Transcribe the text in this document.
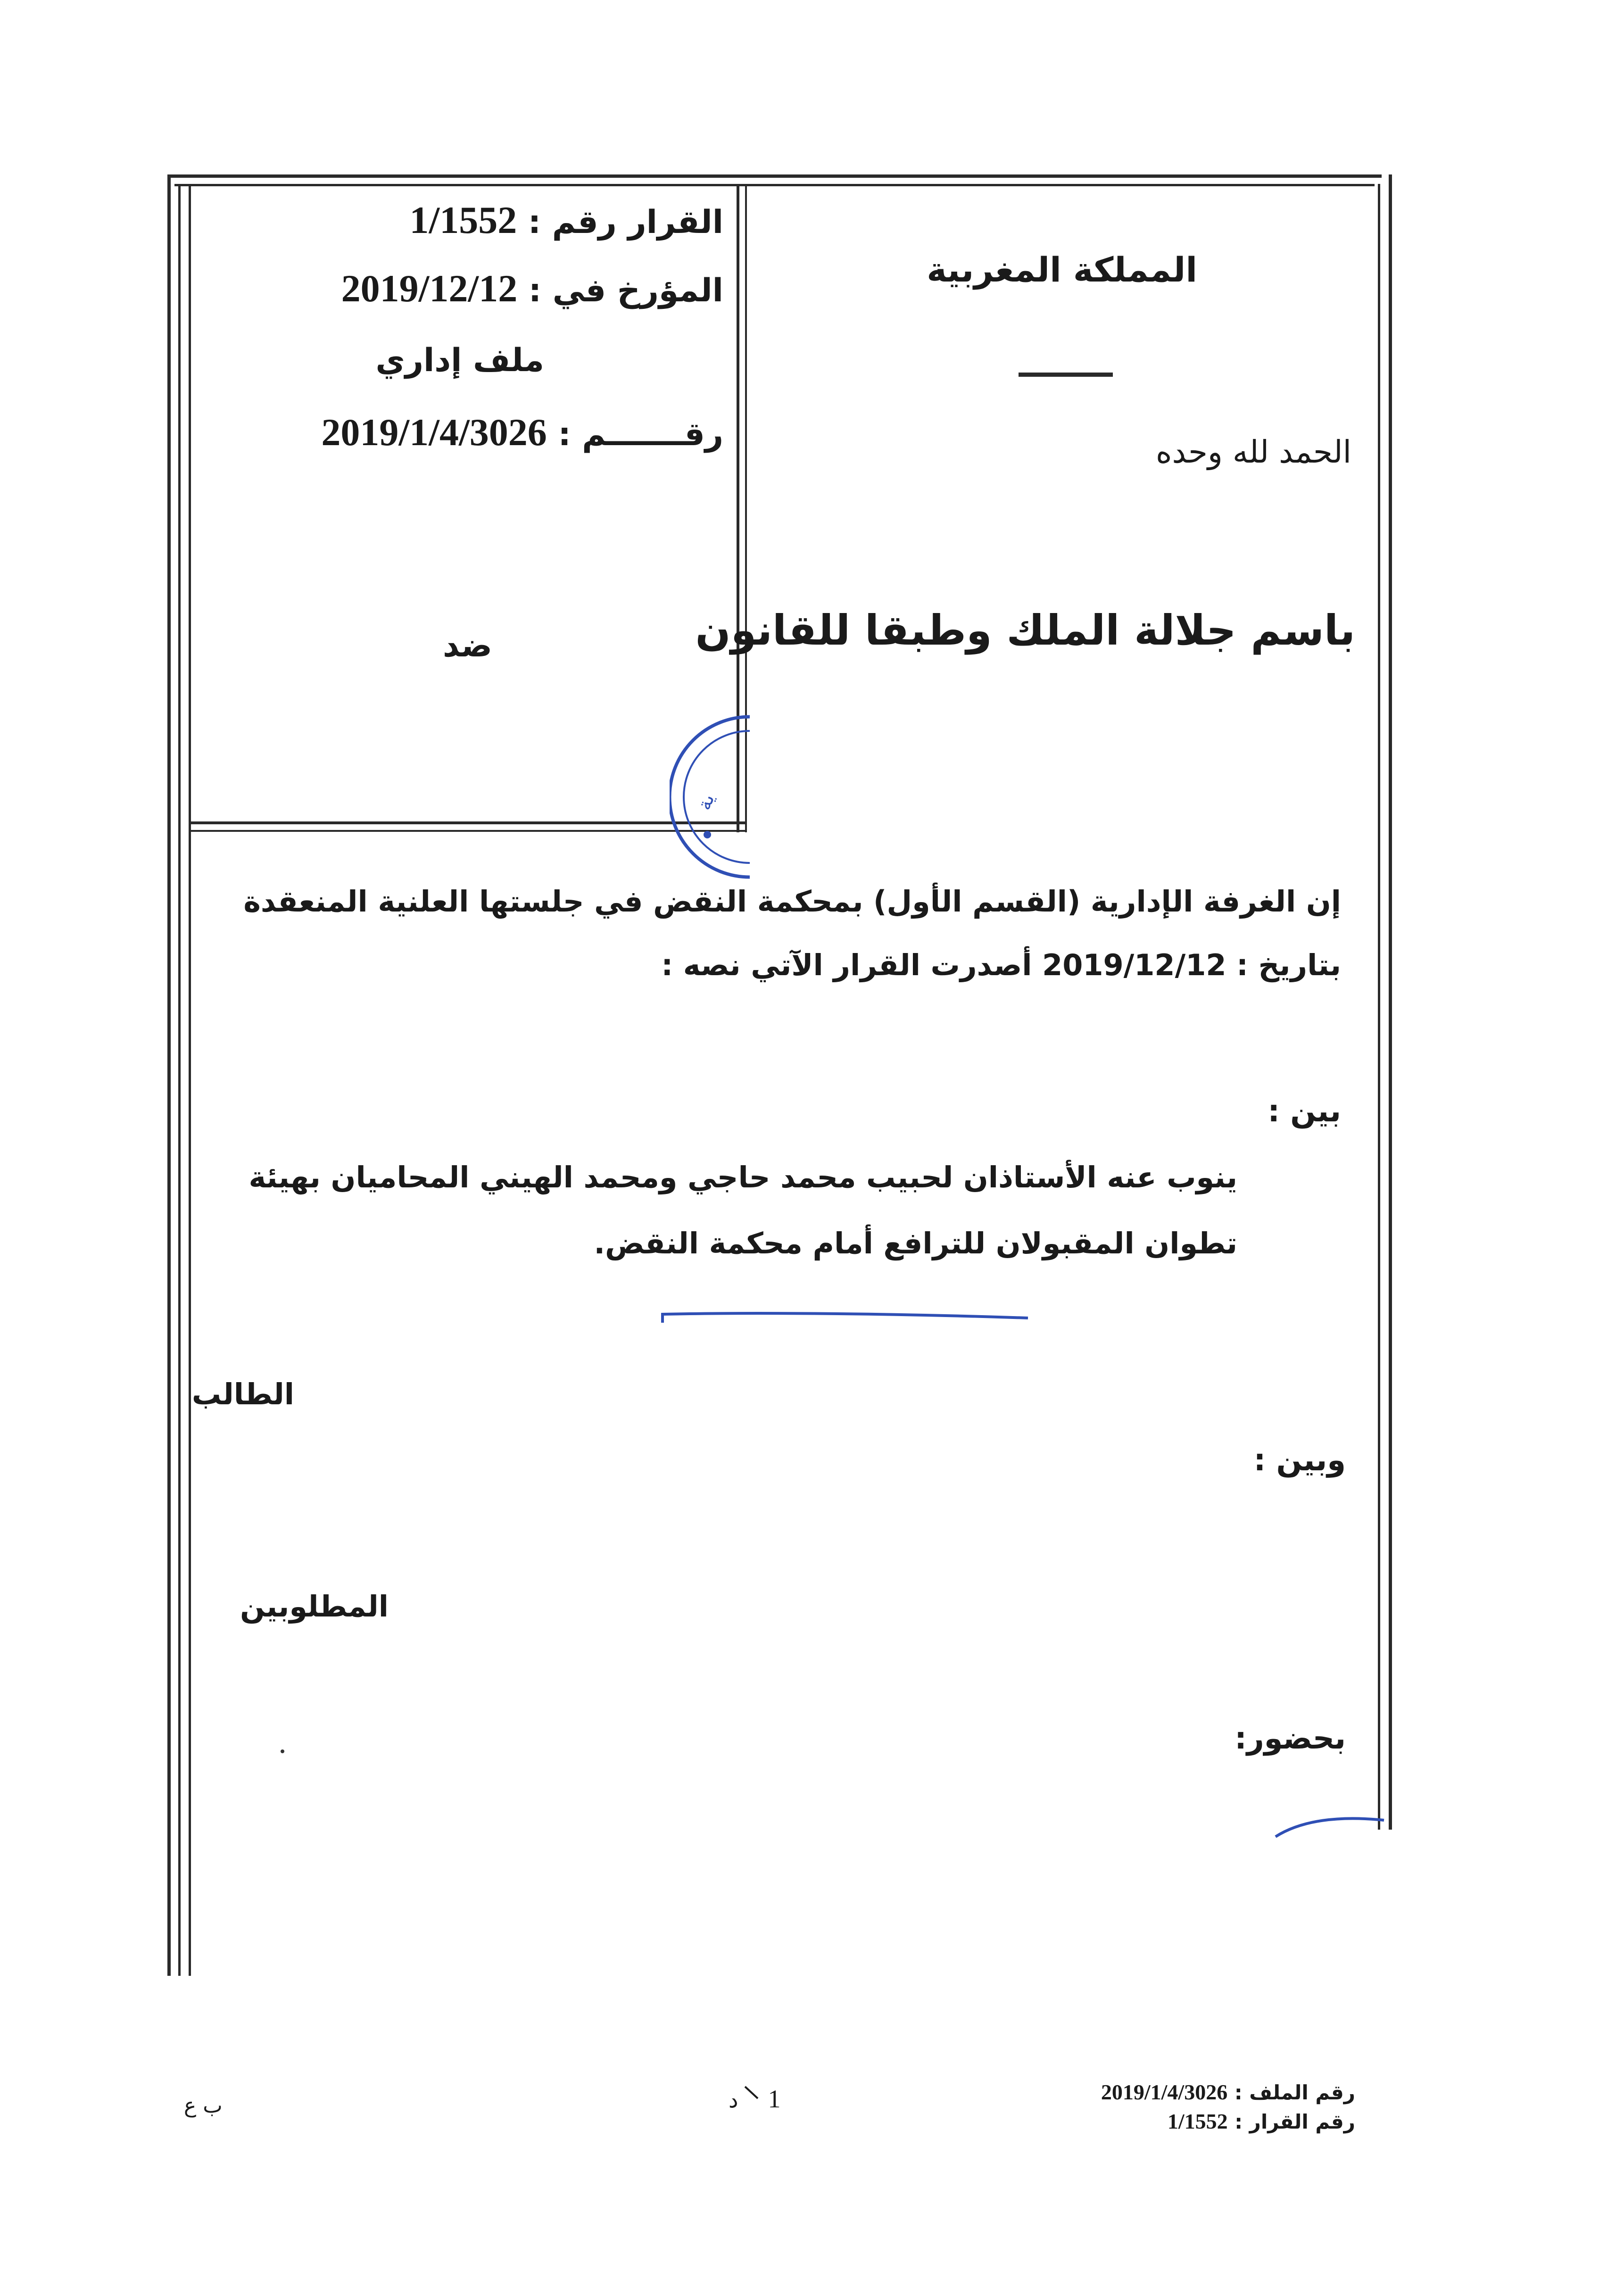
القرار رقم : 1/1552
المؤرخ في : 2019/12/12
ملف إداري
رقـــــــم : 2019/1/4/3026
ضد
المملكة المغربية
الحمد لله وحده
باسم جلالة الملك وطبقا للقانون
ية
إن الغرفة الإدارية (القسم الأول) بمحكمة النقض في جلستها العلنية المنعقدة
بتاريخ : 2019/12/12 أصدرت القرار الآتي نصه :
بين :
ينوب عنه الأستاذان لحبيب محمد حاجي ومحمد الهيني المحاميان بهيئة
تطوان المقبولان للترافع أمام محكمة النقض.
الطالب
وبين :
المطلوبين
بحضور:
رقم الملف : 2019/1/4/3026
رقم القرار : 1/1552
1  د
ب ع
